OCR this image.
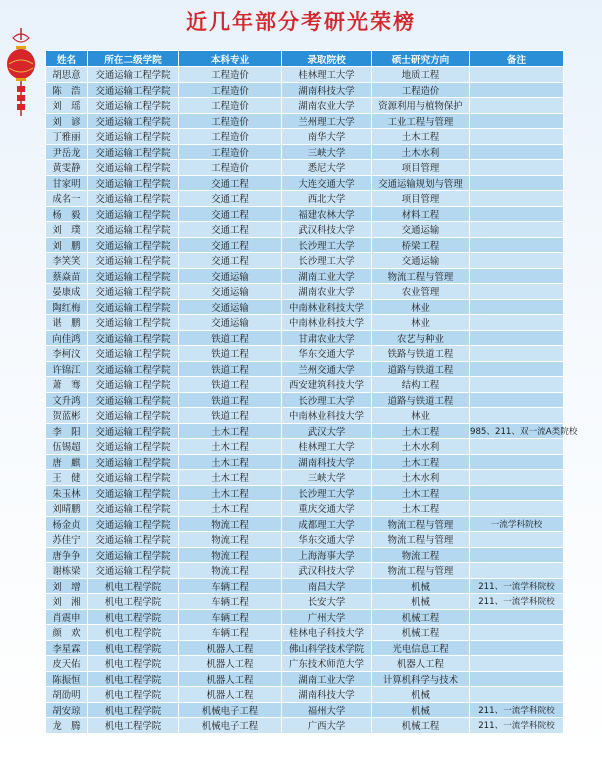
近几年部分考研光荣榜
姓名	所在二级学院	本科专业	录取院校	硕士研究方向	备注
胡思意	交通运输工程学院	工程造价	桂林理工大学	地质工程	
陈　浩	交通运输工程学院	工程造价	湖南科技大学	工程造价	
刘　瑶	交通运输工程学院	工程造价	湖南农业大学	资源利用与植物保护	
刘　谚	交通运输工程学院	工程造价	兰州理工大学	工业工程与管理	
丁雅丽	交通运输工程学院	工程造价	南华大学	土木工程	
尹岳龙	交通运输工程学院	工程造价	三峡大学	土木水利	
黄雯静	交通运输工程学院	工程造价	悉尼大学	项目管理	
甘家明	交通运输工程学院	交通工程	大连交通大学	交通运输规划与管理	
成名一	交通运输工程学院	交通工程	西北大学	项目管理	
杨　毅	交通运输工程学院	交通工程	福建农林大学	材料工程	
刘　璞	交通运输工程学院	交通工程	武汉科技大学	交通运输	
刘　鹏	交通运输工程学院	交通工程	长沙理工大学	桥梁工程	
李笑笑	交通运输工程学院	交通工程	长沙理工大学	交通运输	
蔡焱苗	交通运输工程学院	交通运输	湖南工业大学	物流工程与管理	
晏康成	交通运输工程学院	交通运输	湖南农业大学	农业管理	
陶红梅	交通运输工程学院	交通运输	中南林业科技大学	林业	
谌　鹏	交通运输工程学院	交通运输	中南林业科技大学	林业	
向佳鸿	交通运输工程学院	铁道工程	甘肃农业大学	农艺与种业	
李柯汶	交通运输工程学院	铁道工程	华东交通大学	铁路与铁道工程	
许锦江	交通运输工程学院	铁道工程	兰州交通大学	道路与铁道工程	
萧　骞	交通运输工程学院	铁道工程	西安建筑科技大学	结构工程	
文升鸿	交通运输工程学院	铁道工程	长沙理工大学	道路与铁道工程	
贺蓝彬	交通运输工程学院	铁道工程	中南林业科技大学	林业	
李　阳	交通运输工程学院	土木工程	武汉大学	土木工程	985、211、双一流A类院校
伍锡超	交通运输工程学院	土木工程	桂林理工大学	土木水利	
唐　麒	交通运输工程学院	土木工程	湖南科技大学	土木工程	
王　健	交通运输工程学院	土木工程	三峡大学	土木水利	
朱玉林	交通运输工程学院	土木工程	长沙理工大学	土木工程	
刘晴鹏	交通运输工程学院	土木工程	重庆交通大学	土木工程	
杨金贞	交通运输工程学院	物流工程	成都理工大学	物流工程与管理	一流学科院校
苏佳宁	交通运输工程学院	物流工程	华东交通大学	物流工程与管理	
唐争争	交通运输工程学院	物流工程	上海海事大学	物流工程	
谢栋梁	交通运输工程学院	物流工程	武汉科技大学	物流工程与管理	
刘　增	机电工程学院	车辆工程	南昌大学	机械	211、一流学科院校
刘　湘	机电工程学院	车辆工程	长安大学	机械	211、一流学科院校
肖震申	机电工程学院	车辆工程	广州大学	机械工程	
颜　欢	机电工程学院	车辆工程	桂林电子科技大学	机械工程	
李星霖	机电工程学院	机器人工程	佛山科学技术学院	光电信息工程	
皮天佑	机电工程学院	机器人工程	广东技术师范大学	机器人工程	
陈振恒	机电工程学院	机器人工程	湖南工业大学	计算机科学与技术	
胡劭明	机电工程学院	机器人工程	湖南科技大学	机械	
胡安琼	机电工程学院	机械电子工程	福州大学	机械	211、一流学科院校
龙　腾	机电工程学院	机械电子工程	广西大学	机械工程	211、一流学科院校
